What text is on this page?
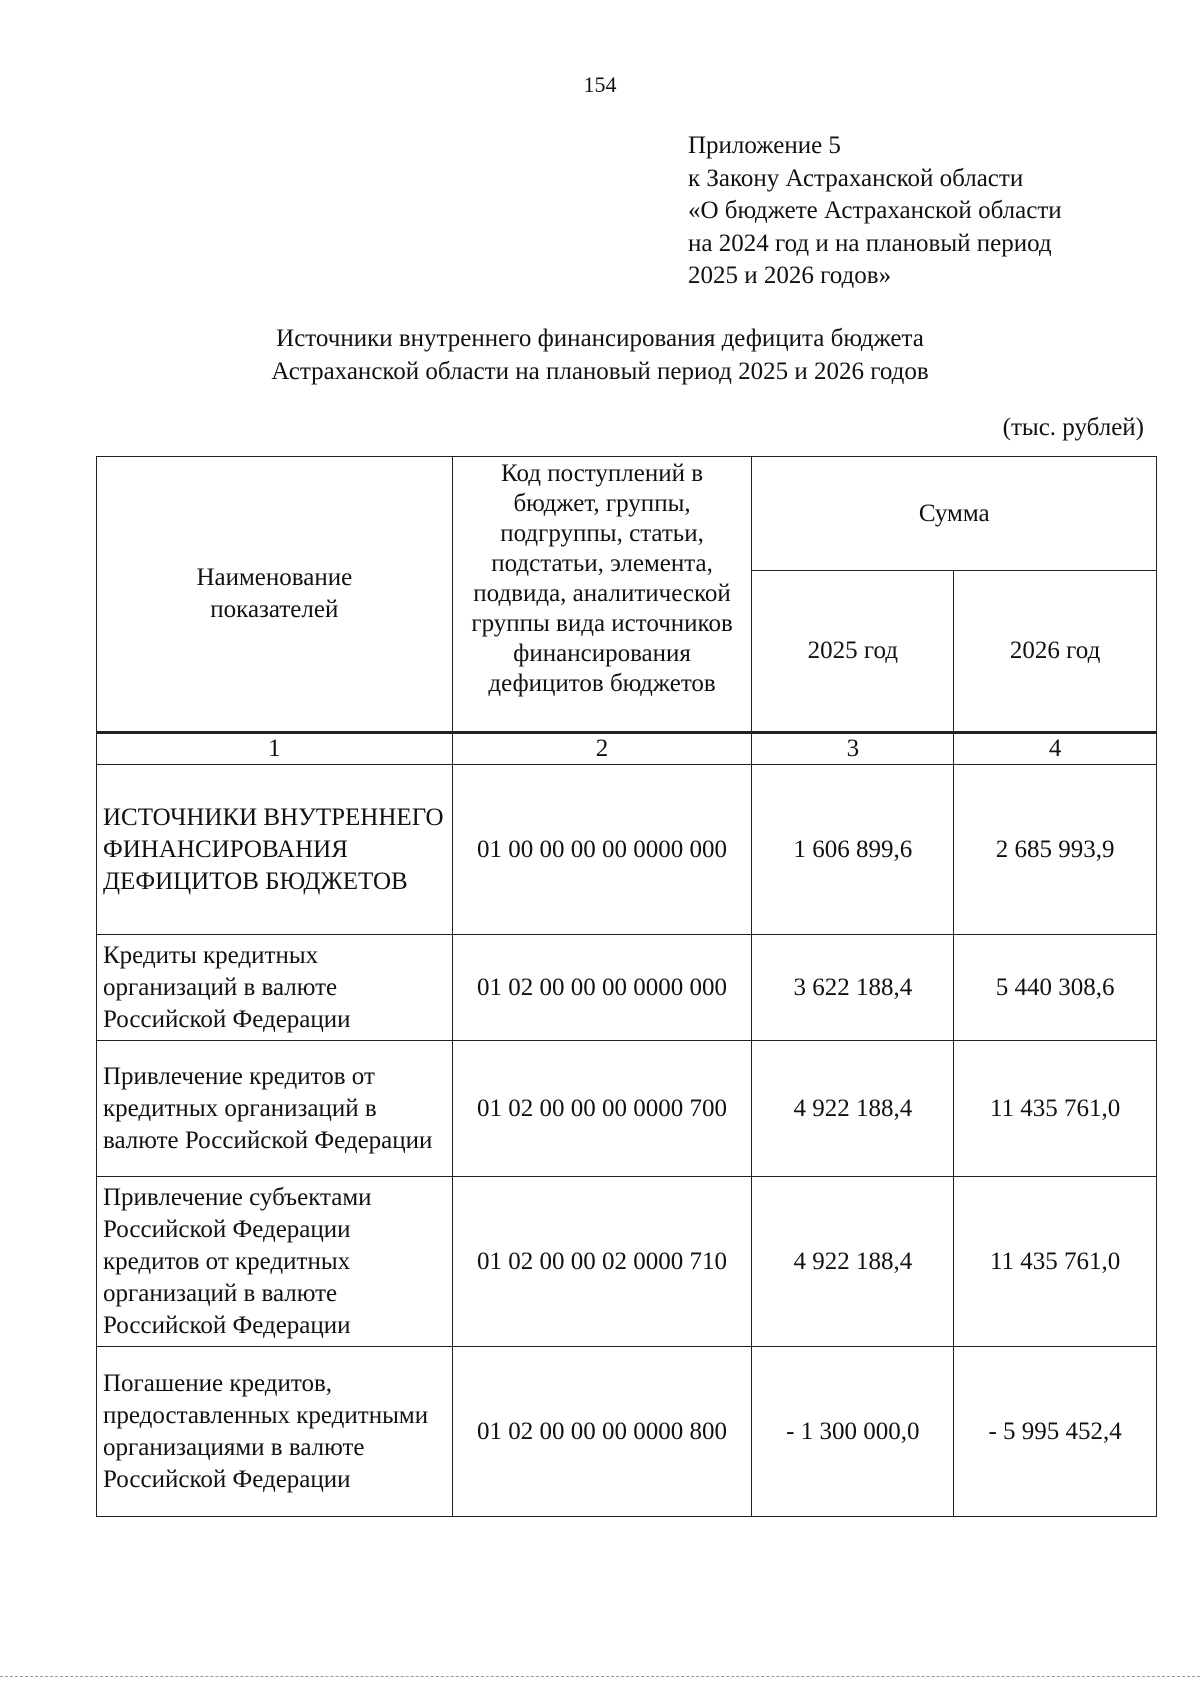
154
Приложение 5
к Закону Астраханской области
«О бюджете Астраханской области
на 2024 год и на плановый период
2025 и 2026 годов»
Источники внутреннего финансирования дефицита бюджета
Астраханской области на плановый период 2025 и 2026 годов
(тыс. рублей)
Наименование показателей	Код поступлений в бюджет, группы, подгруппы, статьи, подстатьи, элемента, подвида, аналитической группы вида источников финансирования дефицитов бюджетов	Сумма	
		2025 год	2026 год
1	2	3	4
ИСТОЧНИКИ ВНУТРЕННЕГО ФИНАНСИРОВАНИЯ ДЕФИЦИТОВ БЮДЖЕТОВ	01 00 00 00 00 0000 000	1 606 899,6	2 685 993,9
Кредиты кредитных организаций в валюте Российской Федерации	01 02 00 00 00 0000 000	3 622 188,4	5 440 308,6
Привлечение кредитов от кредитных организаций в валюте Российской Федерации	01 02 00 00 00 0000 700	4 922 188,4	11 435 761,0
Привлечение субъектами Российской Федерации кредитов от кредитных организаций в валюте Российской Федерации	01 02 00 00 02 0000 710	4 922 188,4	11 435 761,0
Погашение кредитов, предоставленных кредитными организациями в валюте Российской Федерации	01 02 00 00 00 0000 800	- 1 300 000,0	- 5 995 452,4
